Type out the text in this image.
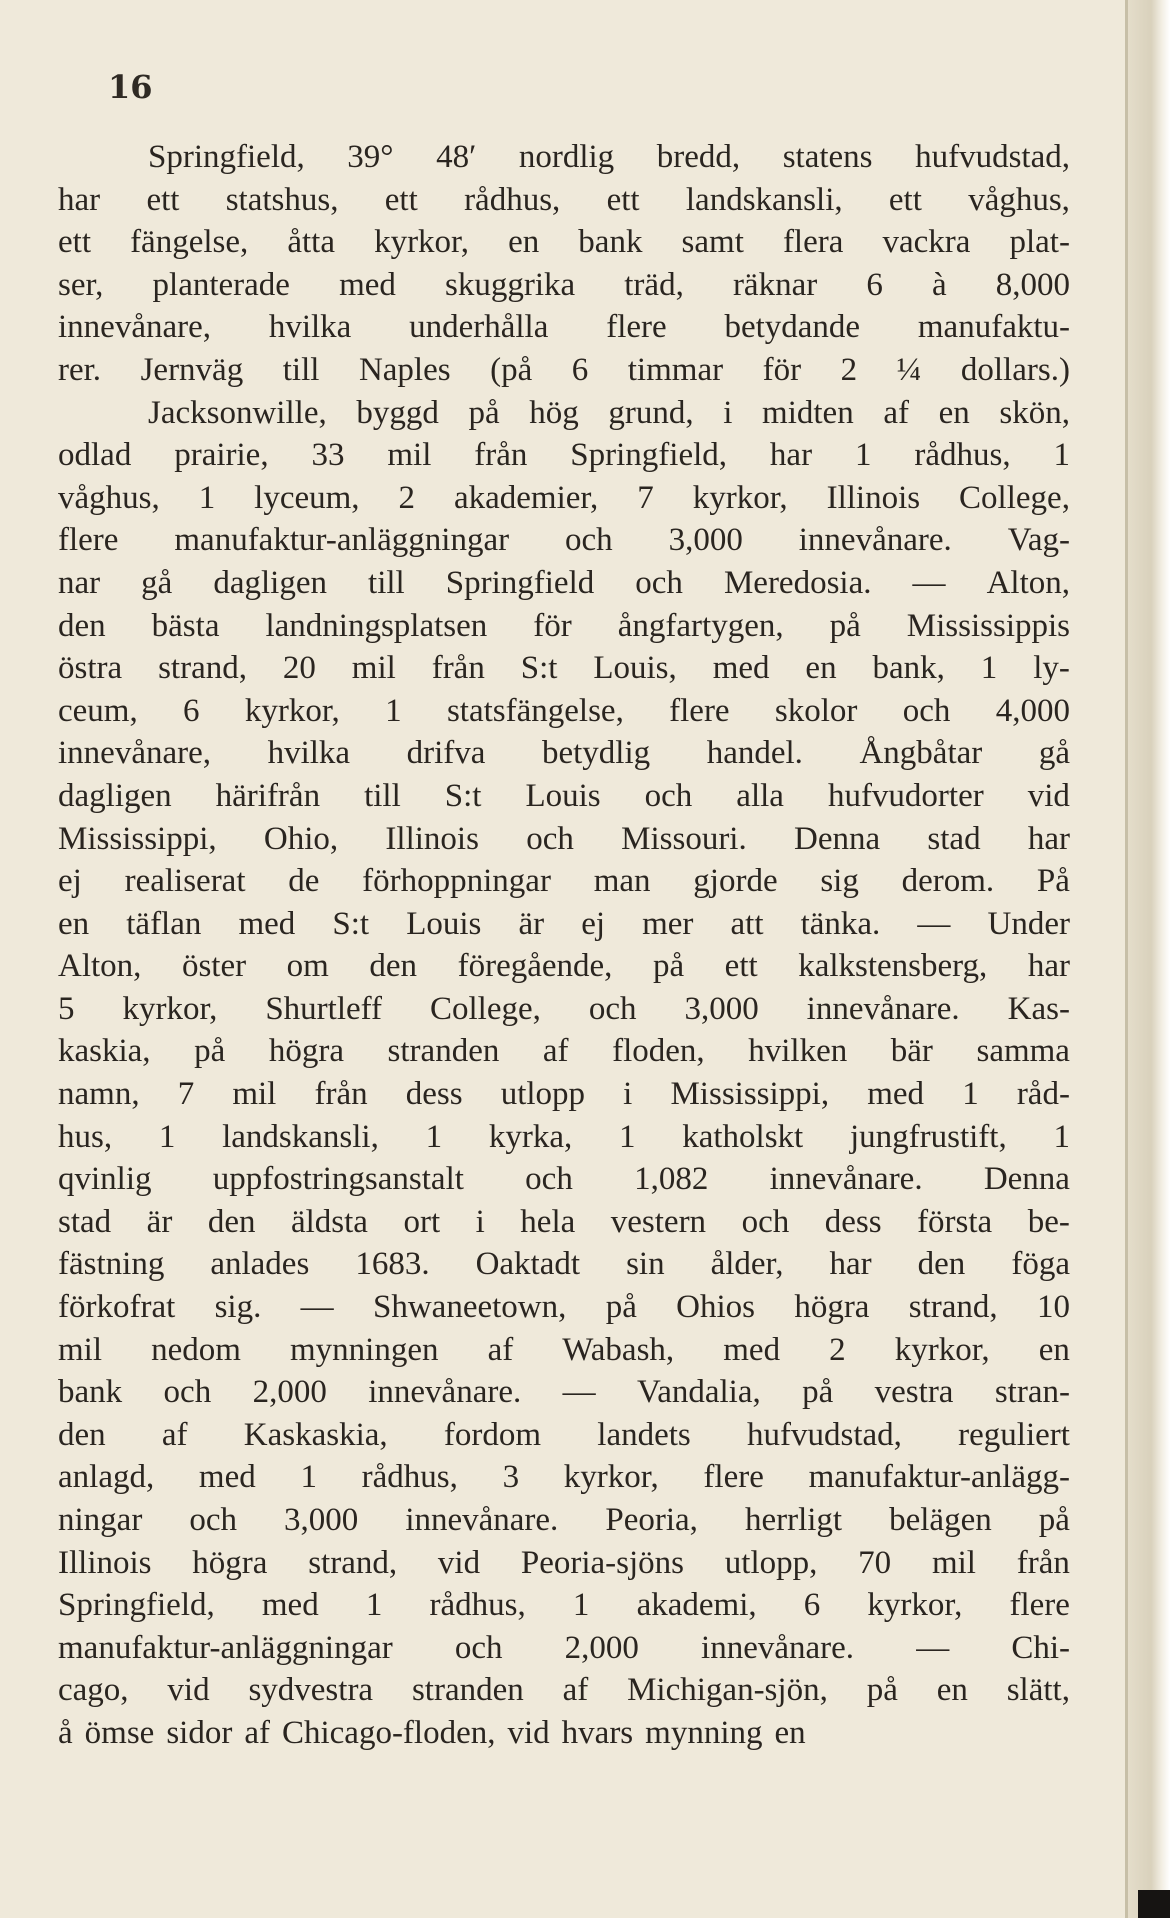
16
Springfield, 39° 48′ nordlig bredd, statens hufvudstad,
har ett statshus, ett rådhus, ett landskansli, ett våghus,
ett fängelse, åtta kyrkor, en bank samt flera vackra plat-
ser, planterade med skuggrika träd, räknar 6 à 8,000
innevånare, hvilka underhålla flere betydande manufaktu-
rer. Jernväg till Naples (på 6 timmar för 2 ¼ dollars.)
Jacksonwille, byggd på hög grund, i midten af en skön,
odlad prairie, 33 mil från Springfield, har 1 rådhus, 1
våghus, 1 lyceum, 2 akademier, 7 kyrkor, Illinois College,
flere manufaktur-anläggningar och 3,000 innevånare. Vag-
nar gå dagligen till Springfield och Meredosia. — Alton,
den bästa landningsplatsen för ångfartygen, på Mississippis
östra strand, 20 mil från S:t Louis, med en bank, 1 ly-
ceum, 6 kyrkor, 1 statsfängelse, flere skolor och 4,000
innevånare, hvilka drifva betydlig handel. Ångbåtar gå
dagligen härifrån till S:t Louis och alla hufvudorter vid
Mississippi, Ohio, Illinois och Missouri. Denna stad har
ej realiserat de förhoppningar man gjorde sig derom. På
en täflan med S:t Louis är ej mer att tänka. — Under
Alton, öster om den föregående, på ett kalkstensberg, har
5 kyrkor, Shurtleff College, och 3,000 innevånare. Kas-
kaskia, på högra stranden af floden, hvilken bär samma
namn, 7 mil från dess utlopp i Mississippi, med 1 råd-
hus, 1 landskansli, 1 kyrka, 1 katholskt jungfrustift, 1
qvinlig uppfostringsanstalt och 1,082 innevånare. Denna
stad är den äldsta ort i hela vestern och dess första be-
fästning anlades 1683. Oaktadt sin ålder, har den föga
förkofrat sig. — Shwaneetown, på Ohios högra strand, 10
mil nedom mynningen af Wabash, med 2 kyrkor, en
bank och 2,000 innevånare. — Vandalia, på vestra stran-
den af Kaskaskia, fordom landets hufvudstad, reguliert
anlagd, med 1 rådhus, 3 kyrkor, flere manufaktur-anlägg-
ningar och 3,000 innevånare. Peoria, herrligt belägen på
Illinois högra strand, vid Peoria-sjöns utlopp, 70 mil från
Springfield, med 1 rådhus, 1 akademi, 6 kyrkor, flere
manufaktur-anläggningar och 2,000 innevånare. — Chi-
cago, vid sydvestra stranden af Michigan-sjön, på en slätt,
å ömse sidor af Chicago-floden, vid hvars mynning en
